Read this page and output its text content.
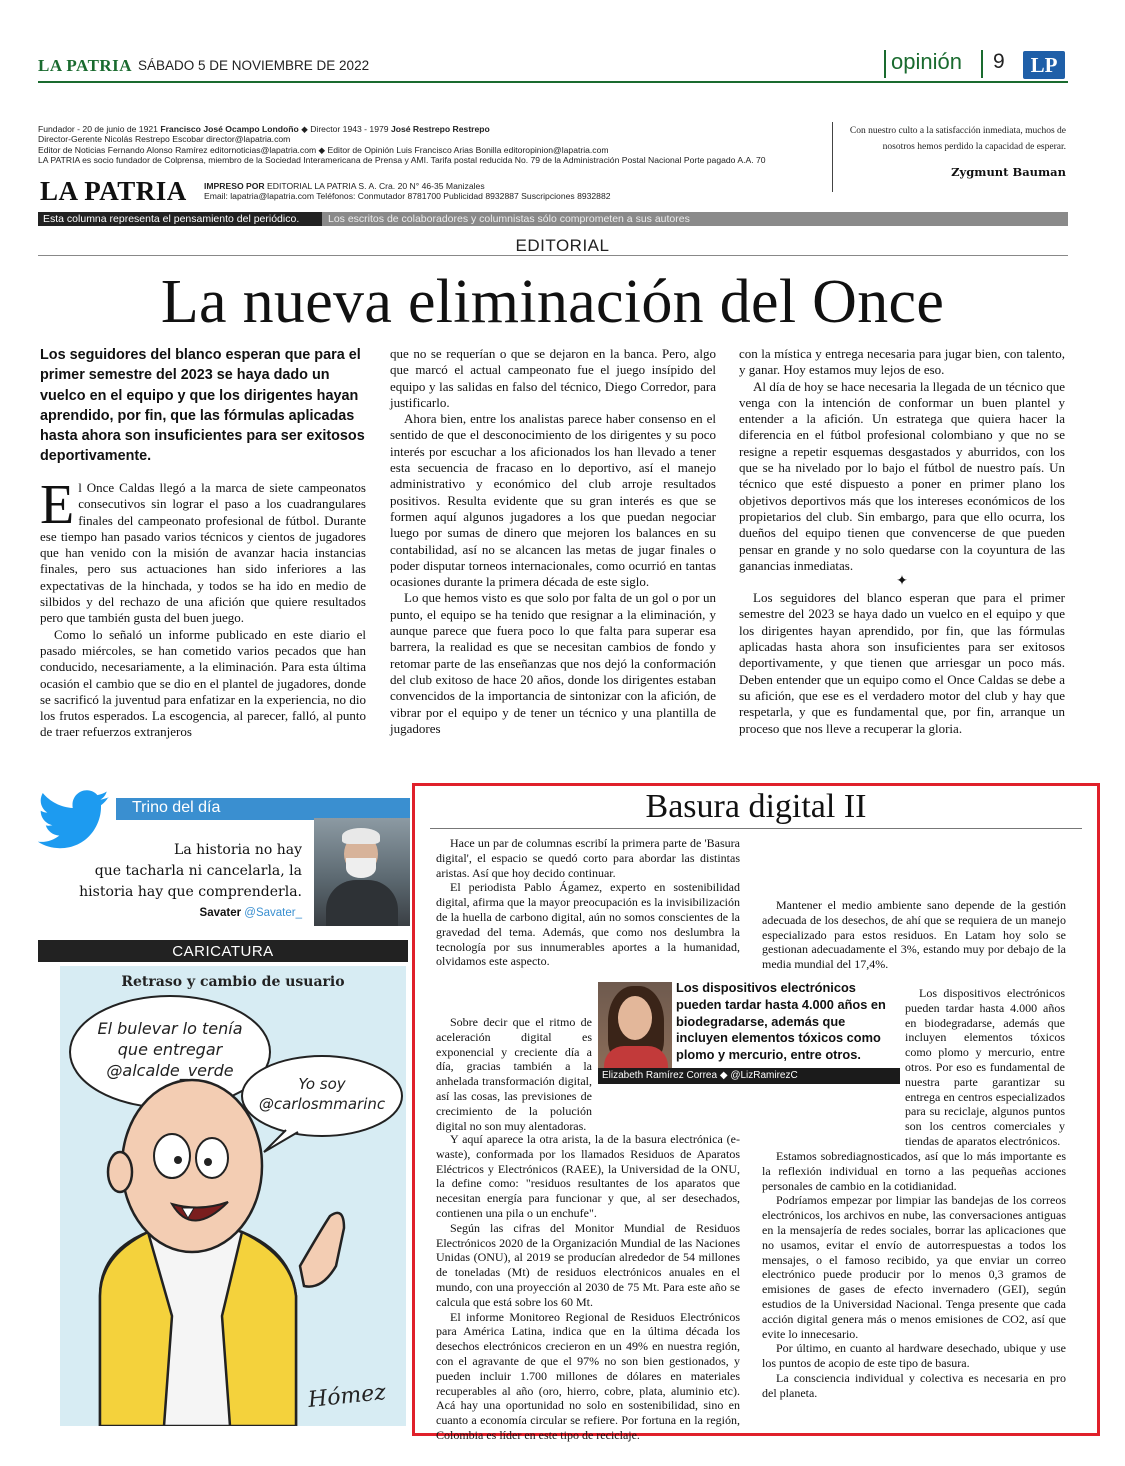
LA PATRIA SÁBADO 5 DE NOVIEMBRE DE 2022	opinión 9	LP
Fundador - 20 de junio de 1921 Francisco José Ocampo Londoño ◆ Director 1943 - 1979 José Restrepo Restrepo
Director-Gerente Nicolás Restrepo Escobar director@lapatria.com
Editor de Noticias Fernando Alonso Ramírez editornoticias@lapatria.com ◆ Editor de Opinión Luis Francisco Arias Bonilla editoropinion@lapatria.com
LA PATRIA es socio fundador de Colprensa, miembro de la Sociedad Interamericana de Prensa y AMI. Tarifa postal reducida No. 79 de la Administración Postal Nacional Porte pagado A.A. 70
LA PATRIA IMPRESO POR EDITORIAL LA PATRIA S. A. Cra. 20 N° 46-35 Manizales
Email: lapatria@lapatria.com Teléfonos: Conmutador 8781700 Publicidad 8932887 Suscripciones 8932882
Con nuestro culto a la satisfacción inmediata, muchos de nosotros hemos perdido la capacidad de esperar.
Zygmunt Bauman
Esta columna representa el pensamiento del periódico.	Los escritos de colaboradores y columnistas sólo comprometen a sus autores
EDITORIAL
La nueva eliminación del Once
Los seguidores del blanco esperan que para el primer semestre del 2023 se haya dado un vuelco en el equipo y que los dirigentes hayan aprendido, por fin, que las fórmulas aplicadas hasta ahora son insuficientes para ser exitosos deportivamente.

El Once Caldas llegó a la marca de siete campeonatos consecutivos sin lograr el paso a los cuadrangulares finales del campeonato profesional de fútbol. Durante ese tiempo han pasado varios técnicos y cientos de jugadores que han venido con la misión de avanzar hacia instancias finales, pero sus actuaciones han sido inferiores a las expectativas de la hinchada, y todos se ha ido en medio de silbidos y del rechazo de una afición que quiere resultados pero que también gusta del buen juego.

Como lo señaló un informe publicado en este diario el pasado miércoles, se han cometido varios pecados que han conducido, necesariamente, a la eliminación. Para esta última ocasión el cambio que se dio en el plantel de jugadores, donde se sacrificó la juventud para enfatizar en la experiencia, no dio los frutos esperados. La escogencia, al parecer, falló, al punto de traer refuerzos extranjeros

que no se requerían o que se dejaron en la banca. Pero, algo que marcó el actual campeonato fue el juego insípido del equipo y las salidas en falso del técnico, Diego Corredor, para justificarlo.

Ahora bien, entre los analistas parece haber consenso en el sentido de que el desconocimiento de los dirigentes y su poco interés por escuchar a los aficionados los han llevado a tener esta secuencia de fracaso en lo deportivo, así el manejo administrativo y económico del club arroje resultados positivos. Resulta evidente que su gran interés es que se formen aquí algunos jugadores a los que puedan negociar luego por sumas de dinero que mejoren los balances en su contabilidad, así no se alcancen las metas de jugar finales o poder disputar torneos internacionales, como ocurrió en tantas ocasiones durante la primera década de este siglo.

Lo que hemos visto es que solo por falta de un gol o por un punto, el equipo se ha tenido que resignar a la eliminación, y aunque parece que fuera poco lo que falta para superar esa barrera, la realidad es que se necesitan cambios de fondo y retomar parte de las enseñanzas que nos dejó la conformación del club exitoso de hace 20 años, donde los dirigentes estaban convencidos de la importancia de sintonizar con la afición, de vibrar por el equipo y de tener un técnico y una plantilla de jugadores

con la mística y entrega necesaria para jugar bien, con talento, y ganar. Hoy estamos muy lejos de eso.

Al día de hoy se hace necesaria la llegada de un técnico que venga con la intención de conformar un buen plantel y entender a la afición. Un estratega que quiera hacer la diferencia en el fútbol profesional colombiano y que no se resigne a repetir esquemas desgastados y aburridos, con los que se ha nivelado por lo bajo el fútbol de nuestro país. Un técnico que esté dispuesto a poner en primer plano los objetivos deportivos más que los intereses económicos de los propietarios del club. Sin embargo, para que ello ocurra, los dueños del equipo tienen que convencerse de que pueden pensar en grande y no solo quedarse con la coyuntura de las ganancias inmediatas.

✦

Los seguidores del blanco esperan que para el primer semestre del 2023 se haya dado un vuelco en el equipo y que los dirigentes hayan aprendido, por fin, que las fórmulas aplicadas hasta ahora son insuficientes para ser exitosos deportivamente, y que tienen que arriesgar un poco más. Deben entender que un equipo como el Once Caldas se debe a su afición, que ese es el verdadero motor del club y hay que respetarla, y que es fundamental que, por fin, arranque un proceso que nos lleve a recuperar la gloria.

Trino del día
La historia no hay
que tacharla ni cancelarla, la
historia hay que comprenderla.
Savater @Savater_
CARICATURA
Retraso y cambio de usuario
El bulevar lo tenía
que entregar
@alcalde_verde
Yo soy
@carlosmmarinc
Hómez
Basura digital II

Hace un par de columnas escribí la primera parte de 'Basura digital', el espacio se quedó corto para abordar las distintas aristas. Así que hoy decido continuar.

El periodista Pablo Ágamez, experto en sostenibilidad digital, afirma que la mayor preocupación es la invisibilización de la huella de carbono digital, aún no somos conscientes de la gravedad del tema. Además, que como nos deslumbra la tecnología por sus innumerables aportes a la humanidad, olvidamos este aspecto.

Sobre decir que el ritmo de aceleración digital es exponencial y creciente día a día, gracias también a la anhelada transformación digital, así las cosas, las previsiones de crecimiento de la polución digital no son muy alentadoras.

Y aquí aparece la otra arista, la de la basura electrónica (e-waste), conformada por los llamados Residuos de Aparatos Eléctricos y Electrónicos (RAEE), la Universidad de la ONU, la define como: "residuos resultantes de los aparatos que necesitan energía para funcionar y que, al ser desechados, contienen una pila o un enchufe".

Según las cifras del Monitor Mundial de Residuos Electrónicos 2020 de la Organización Mundial de las Naciones Unidas (ONU), al 2019 se producían alrededor de 54 millones de toneladas (Mt) de residuos electrónicos anuales en el mundo, con una proyección al 2030 de 75 Mt. Para este año se calcula que está sobre los 60 Mt.

El informe Monitoreo Regional de Residuos Electrónicos para América Latina, indica que en la última década los desechos electrónicos crecieron en un 49% en nuestra región, con el agravante de que el 97% no son bien gestionados, y pueden incluir 1.700 millones de dólares en materiales recuperables al año (oro, hierro, cobre, plata, aluminio etc). Acá hay una oportunidad no solo en sostenibilidad, sino en cuanto a economía circular se refiere. Por fortuna en la región, Colombia es líder en este tipo de reciclaje.

Mantener el medio ambiente sano depende de la gestión adecuada de los desechos, de ahí que se requiera de un manejo especializado para estos residuos. En Latam hoy solo se gestionan adecuadamente el 3%, estando muy por debajo de la media mundial del 17,4%.

Los dispositivos electrónicos pueden tardar hasta 4.000 años en biodegradarse, además que incluyen elementos tóxicos como plomo y mercurio, entre otros. Por eso es fundamental de nuestra parte garantizar su entrega en centros especializados para su reciclaje, algunos puntos son los centros comerciales y tiendas de aparatos electrónicos.

Estamos sobrediagnosticados, así que lo más importante es la reflexión individual en torno a las pequeñas acciones personales de cambio en la cotidianidad.

Podríamos empezar por limpiar las bandejas de los correos electrónicos, los archivos en nube, las conversaciones antiguas en la mensajería de redes sociales, borrar las aplicaciones que no usamos, evitar el envío de autorrespuestas a todos los mensajes, o el famoso recibido, ya que enviar un correo electrónico puede producir por lo menos 0,3 gramos de emisiones de gases de efecto invernadero (GEI), según estudios de la Universidad Nacional. Tenga presente que cada acción digital genera más o menos emisiones de CO2, así que evite lo innecesario.

Por último, en cuanto al hardware desechado, ubique y use los puntos de acopio de este tipo de basura.

La consciencia individual y colectiva es necesaria en pro del planeta.

Los dispositivos electrónicos pueden tardar hasta 4.000 años en biodegradarse, además que incluyen elementos tóxicos como plomo y mercurio, entre otros.
Elizabeth Ramírez Correa ◆ @LizRamirezC
